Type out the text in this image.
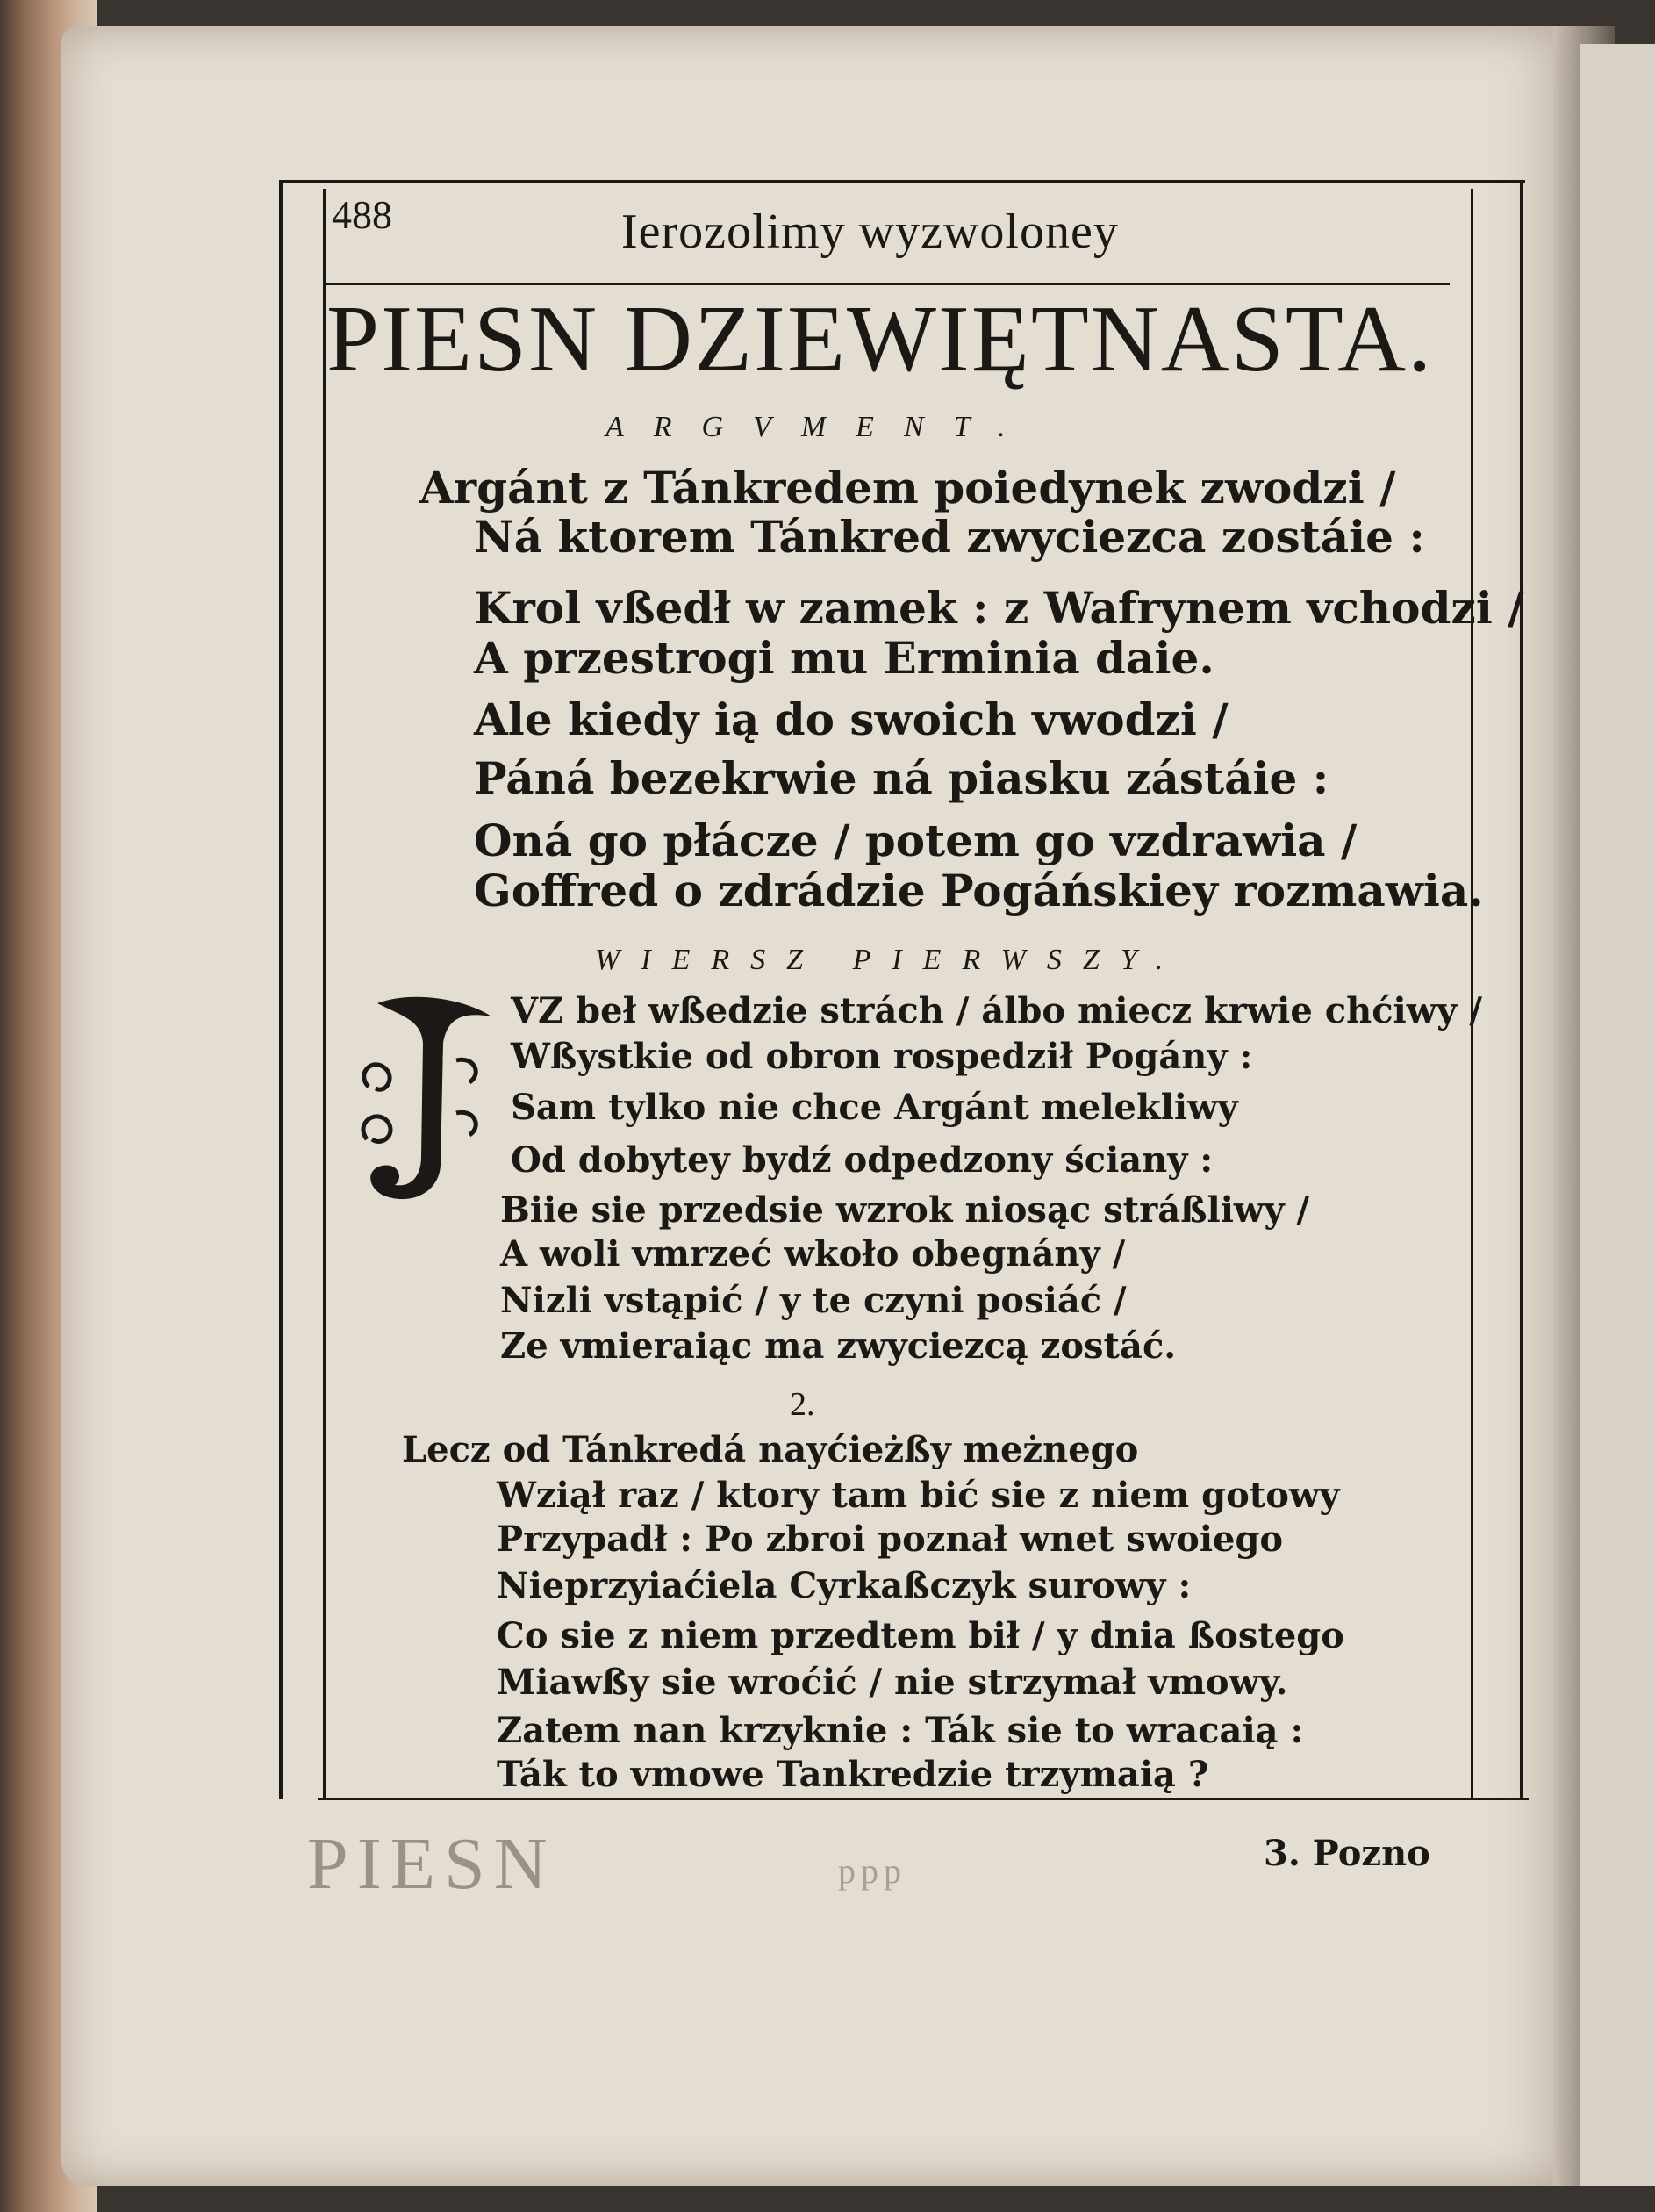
488	Ierozolimy wyzwoloney
PIESN DZIEWIĘTNASTA.
ARGVMENT.
Argánt z Tánkredem poiedynek zwodzi /
Ná ktorem Tánkred zwyciezca zostáie :
Krol vßedł w zamek : z Wafrynem vchodzi /
A przestrogi mu Erminia daie.
Ale kiedy ią do swoich vwodzi /
Páná bezekrwie ná piasku zástáie :
Oná go płácze / potem go vzdrawia /
Goffred o zdrádzie Pogáńskiey rozmawia.
WIERSZ PIERWSZY.
VZ beł wßedzie strách / álbo miecz krwie chćiwy /
Wßystkie od obron rospedził Pogány :
Sam tylko nie chce Argánt melekliwy
Od dobytey bydź odpedzony ściany :
Biie sie przedsie wzrok niosąc stráßliwy /
A woli vmrzeć wkoło obegnány /
Nizli vstąpić / y te czyni posiáć /
Ze vmieraiąc ma zwyciezcą zostáć.
2.
Lecz od Tánkredá nayćieżßy meżnego
Wziął raz / ktory tam bić sie z niem gotowy
Przypadł : Po zbroi poznał wnet swoiego
Nieprzyiaćiela Cyrkaßczyk surowy :
Co sie z niem przedtem bił / y dnia ßostego
Miawßy sie wroćić / nie strzymał vmowy.
Zatem nan krzyknie : Ták sie to wracaią :
Ták to vmowe Tankredzie trzymaią ?
PIESN	ppp	3. Pozno
